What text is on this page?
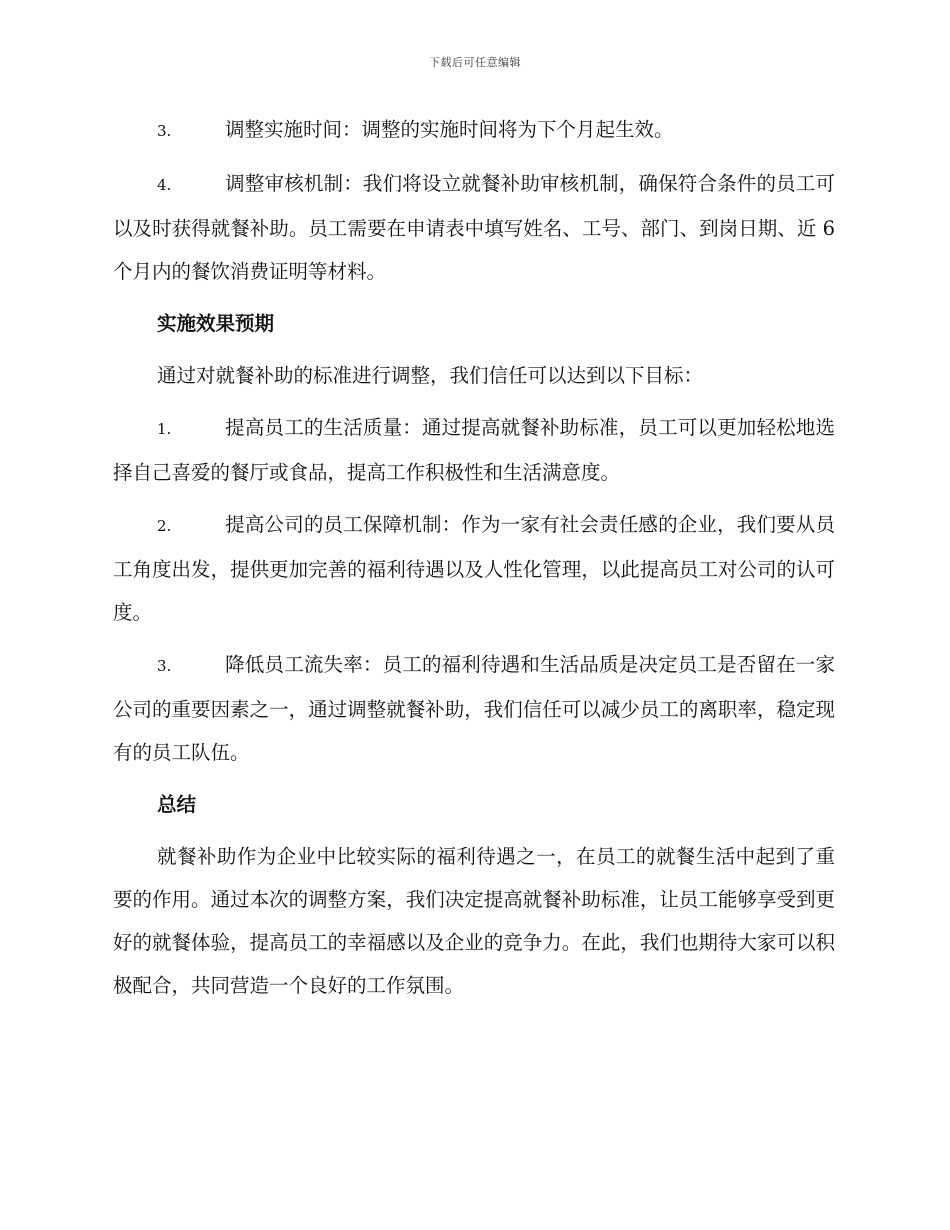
下载后可任意编辑

3.	调整实施时间：调整的实施时间将为下个月起生效。

4.	调整审核机制：我们将设立就餐补助审核机制，确保符合条件的员工可以及时获得就餐补助。员工需要在申请表中填写姓名、工号、部门、到岗日期、近 6 个月内的餐饮消费证明等材料。

实施效果预期

通过对就餐补助的标准进行调整，我们信任可以达到以下目标：

1.	提高员工的生活质量：通过提高就餐补助标准，员工可以更加轻松地选择自己喜爱的餐厅或食品，提高工作积极性和生活满意度。

2.	提高公司的员工保障机制：作为一家有社会责任感的企业，我们要从员工角度出发，提供更加完善的福利待遇以及人性化管理，以此提高员工对公司的认可度。

3.	降低员工流失率：员工的福利待遇和生活品质是决定员工是否留在一家公司的重要因素之一，通过调整就餐补助，我们信任可以减少员工的离职率，稳定现有的员工队伍。

总结

就餐补助作为企业中比较实际的福利待遇之一，在员工的就餐生活中起到了重要的作用。通过本次的调整方案，我们决定提高就餐补助标准，让员工能够享受到更好的就餐体验，提高员工的幸福感以及企业的竞争力。在此，我们也期待大家可以积极配合，共同营造一个良好的工作氛围。
